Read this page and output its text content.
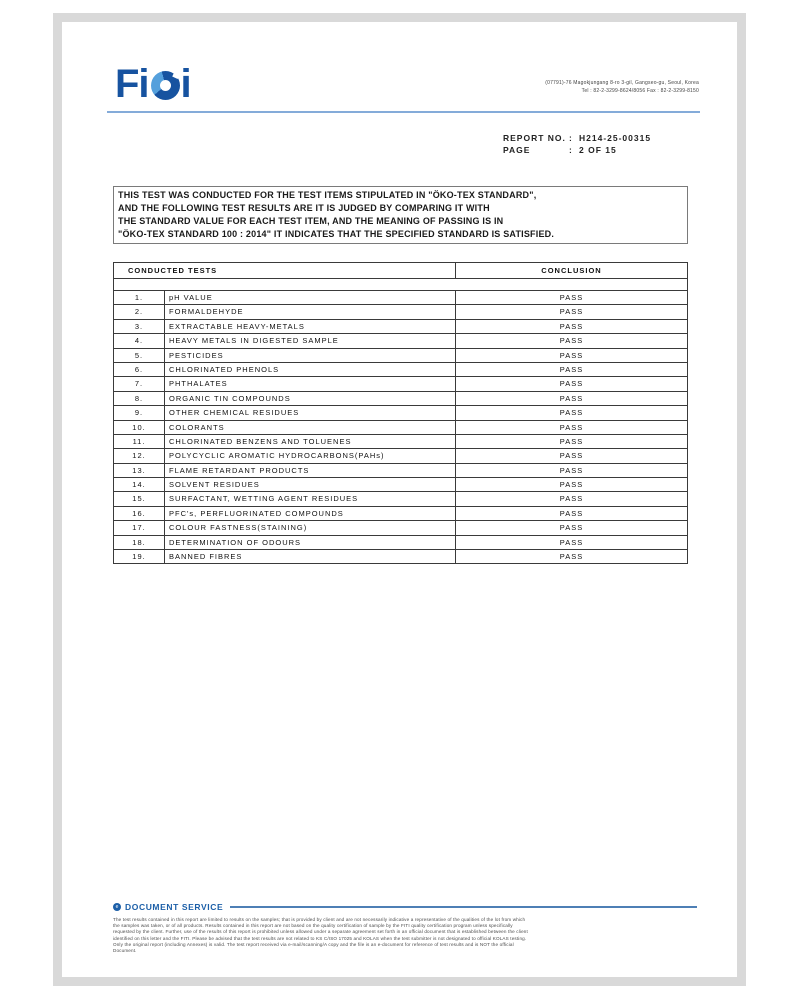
Fi i	(07791)-76 Magokjungang 8-ro 3-gil, Gangseo-gu, Seoul, Korea
Tel : 82-2-3299-8624/8056 Fax : 82-2-3299-8150
REPORT NO. : H214-25-00315
PAGE	: 2 OF 15
THIS TEST WAS CONDUCTED FOR THE TEST ITEMS STIPULATED IN "ÖKO-TEX STANDARD",
AND THE FOLLOWING TEST RESULTS ARE IT IS JUDGED BY COMPARING IT WITH
THE STANDARD VALUE FOR EACH TEST ITEM, AND THE MEANING OF PASSING IS IN
"ÖKO-TEX STANDARD 100 : 2014" IT INDICATES THAT THE SPECIFIED STANDARD IS SATISFIED.
CONDUCTED TESTS	CONCLUSION
1.	pH VALUE	PASS
2.	FORMALDEHYDE	PASS
3.	EXTRACTABLE HEAVY-METALS	PASS
4.	HEAVY METALS IN DIGESTED SAMPLE	PASS
5.	PESTICIDES	PASS
6.	CHLORINATED PHENOLS	PASS
7.	PHTHALATES	PASS
8.	ORGANIC TIN COMPOUNDS	PASS
9.	OTHER CHEMICAL RESIDUES	PASS
10.	COLORANTS	PASS
11.	CHLORINATED BENZENS AND TOLUENES	PASS
12.	POLYCYCLIC AROMATIC HYDROCARBONS(PAHs)	PASS
13.	FLAME RETARDANT PRODUCTS	PASS
14.	SOLVENT RESIDUES	PASS
15.	SURFACTANT, WETTING AGENT RESIDUES	PASS
16.	PFC's, PERFLUORINATED COMPOUNDS	PASS
17.	COLOUR FASTNESS(STAINING)	PASS
18.	DETERMINATION OF ODOURS	PASS
19.	BANNED FIBRES	PASS
e DOCUMENT SERVICE
The test results contained in this report are limited to results on the samples; that is provided by client and are not necessarily indicative a representative of the qualities of the lot from which
the samples was taken, or of all products. Results contained in this report are not based on the quality certification of sample by the FITI quality certification program unless specifically
requested by the client. Further, use of the results of this report is prohibited unless allowed under a separate agreement set forth in an official document that is established between the client
identified on this letter and the FITI. Please be advised that the test results are not related to KS C/ISO 17025 and KOLAS when the test submitter is not designated to official KOLAS testing.
Only the original report (including Annexes) is valid. The test report received via e-mail/scanning/A copy and the file is an e-document for reference of test results and is NOT the official
Document.
